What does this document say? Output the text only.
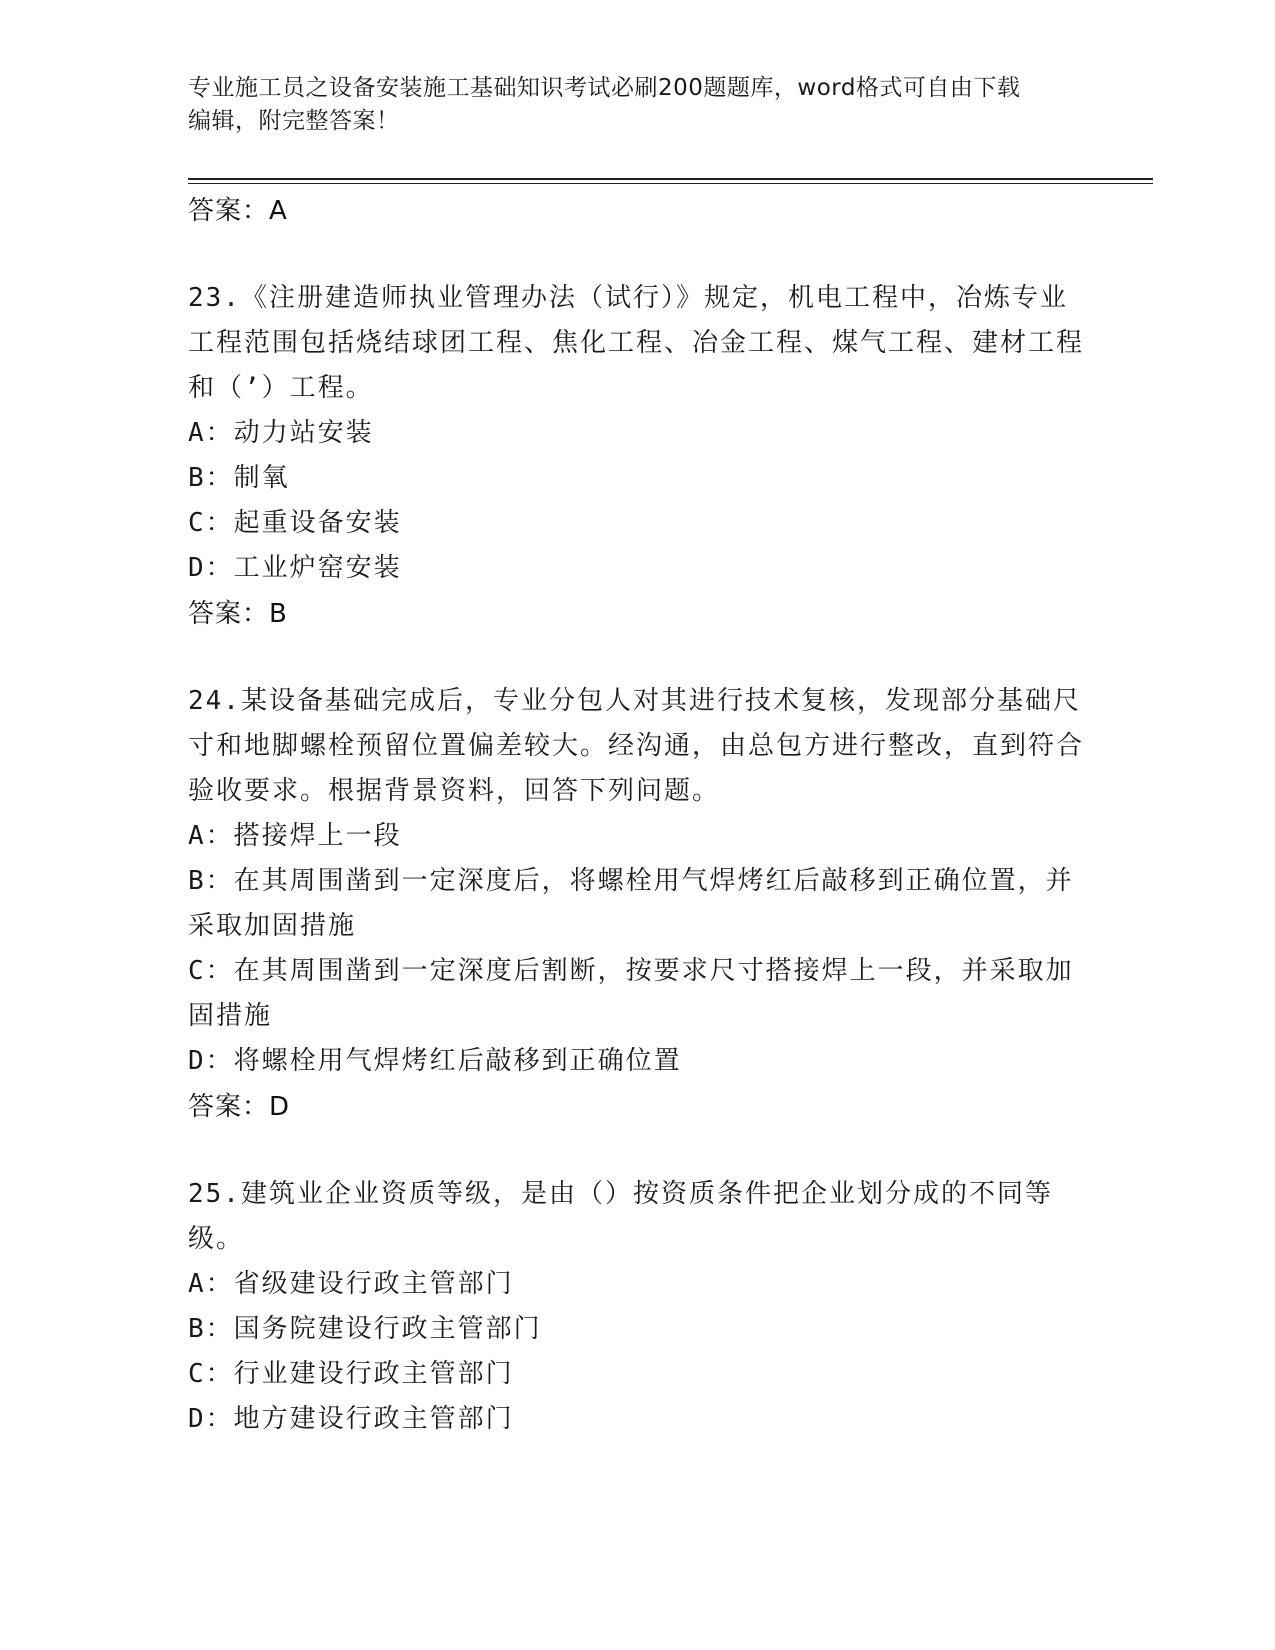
专业施工员之设备安装施工基础知识考试必刷200题题库，word格式可自由下载
编辑，附完整答案！
答案：A
23.《注册建造师执业管理办法（试行）》规定，机电工程中，冶炼专业工程范围包括烧结球团工程、焦化工程、冶金工程、煤气工程、建材工程和（’）工程。
A：动力站安装
B：制氧
C：起重设备安装
D：工业炉窑安装
答案：B
24.某设备基础完成后，专业分包人对其进行技术复核，发现部分基础尺寸和地脚螺栓预留位置偏差较大。经沟通，由总包方进行整改，直到符合验收要求。根据背景资料，回答下列问题。
A：搭接焊上一段
B：在其周围凿到一定深度后，将螺栓用气焊烤红后敲移到正确位置，并采取加固措施
C：在其周围凿到一定深度后割断，按要求尺寸搭接焊上一段，并采取加固措施
D：将螺栓用气焊烤红后敲移到正确位置
答案：D
25.建筑业企业资质等级，是由（）按资质条件把企业划分成的不同等级。
A：省级建设行政主管部门
B：国务院建设行政主管部门
C：行业建设行政主管部门
D：地方建设行政主管部门
